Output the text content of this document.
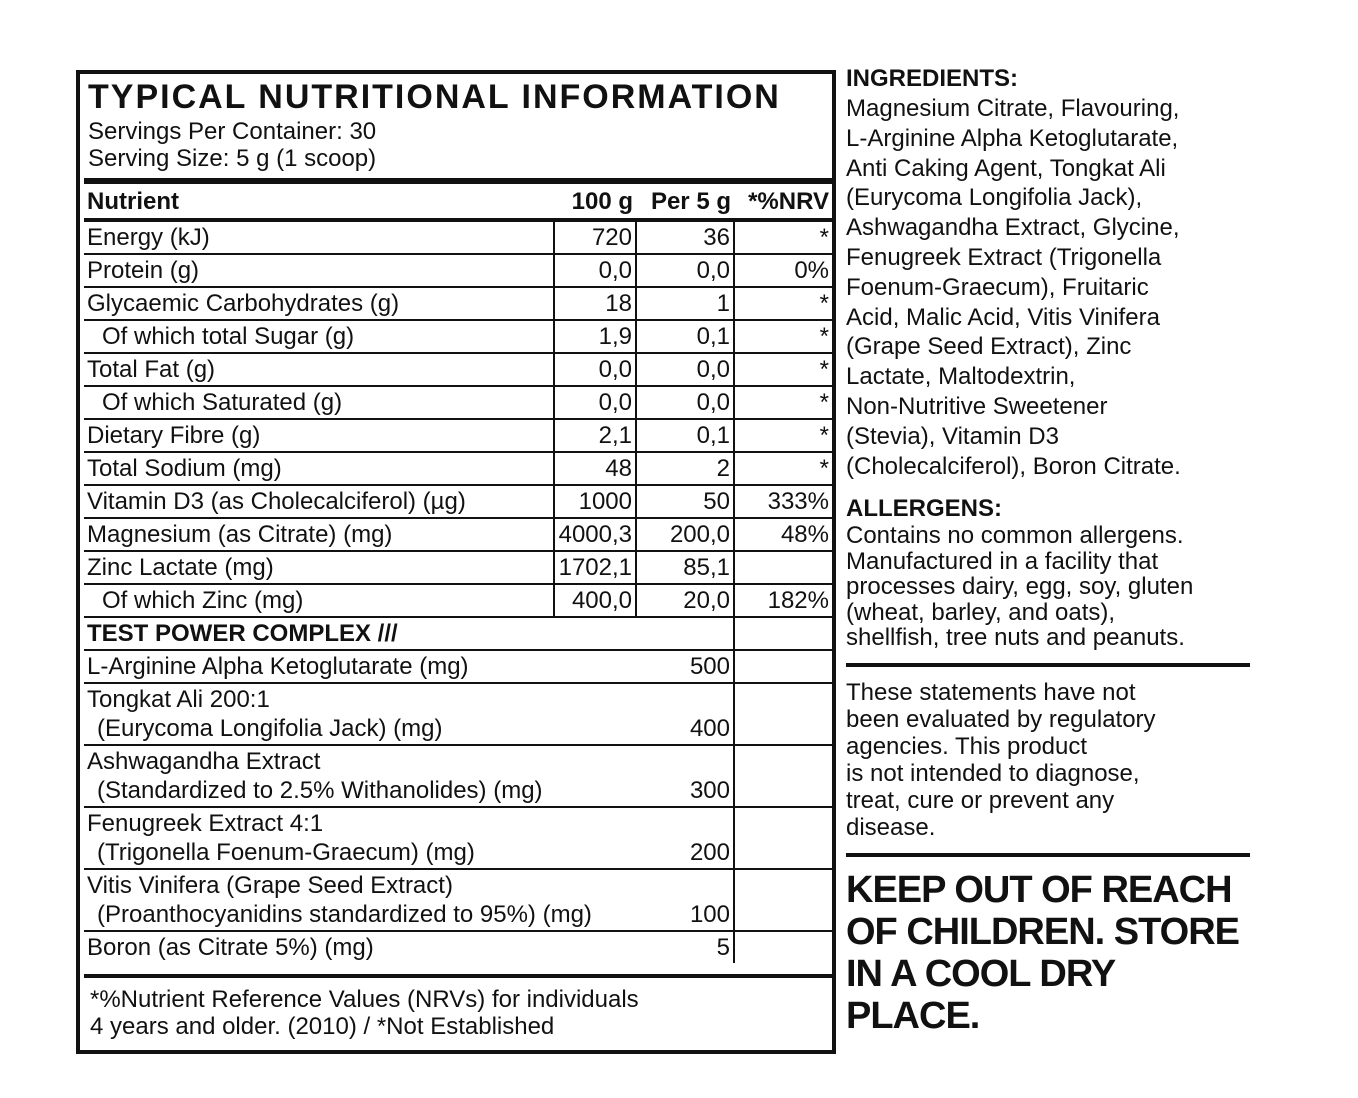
TYPICAL NUTRITIONAL INFORMATION
Servings Per Container: 30
Serving Size: 5 g (1 scoop)
Nutrient	100 g	Per 5 g	*%NRV
Energy (kJ)	720	36	*
Protein (g)	0,0	0,0	0%
Glycaemic Carbohydrates (g)	18	1	*
Of which total Sugar (g)	1,9	0,1	*
Total Fat (g)	0,0	0,0	*
Of which Saturated (g)	0,0	0,0	*
Dietary Fibre (g)	2,1	0,1	*
Total Sodium (mg)	48	2	*
Vitamin D3 (as Cholecalciferol) (µg)	1000	50	333%
Magnesium (as Citrate) (mg)	4000,3	200,0	48%
Zinc Lactate (mg)	1702,1	85,1	
Of which Zinc (mg)	400,0	20,0	182%
TEST POWER COMPLEX ///			
L-Arginine Alpha Ketoglutarate (mg)		500	

Tongkat Ali 200:1
(Eurycoma Longifolia Jack) (mg)		400	

Ashwagandha Extract
(Standardized to 2.5% Withanolides) (mg)		300	

Fenugreek Extract 4:1
(Trigonella Foenum-Graecum) (mg)		200	

Vitis Vinifera (Grape Seed Extract)
(Proanthocyanidins standardized to 95%) (mg)		100	
Boron (as Citrate 5%) (mg)		5	
*%Nutrient Reference Values (NRVs) for individuals
4 years and older. (2010) / *Not Established
INGREDIENTS:
Magnesium Citrate, Flavouring,
L-Arginine Alpha Ketoglutarate,
Anti Caking Agent, Tongkat Ali
(Eurycoma Longifolia Jack),
Ashwagandha Extract, Glycine,
Fenugreek Extract (Trigonella
Foenum-Graecum), Fruitaric
Acid, Malic Acid, Vitis Vinifera
(Grape Seed Extract), Zinc
Lactate, Maltodextrin,
Non-Nutritive Sweetener
(Stevia), Vitamin D3
(Cholecalciferol), Boron Citrate.
ALLERGENS:
Contains no common allergens.
Manufactured in a facility that
processes dairy, egg, soy, gluten
(wheat, barley, and oats),
shellfish, tree nuts and peanuts.
These statements have not
been evaluated by regulatory
agencies. This product
is not intended to diagnose,
treat, cure or prevent any
disease.
KEEP OUT OF REACH
OF CHILDREN. STORE
IN A COOL DRY PLACE.
